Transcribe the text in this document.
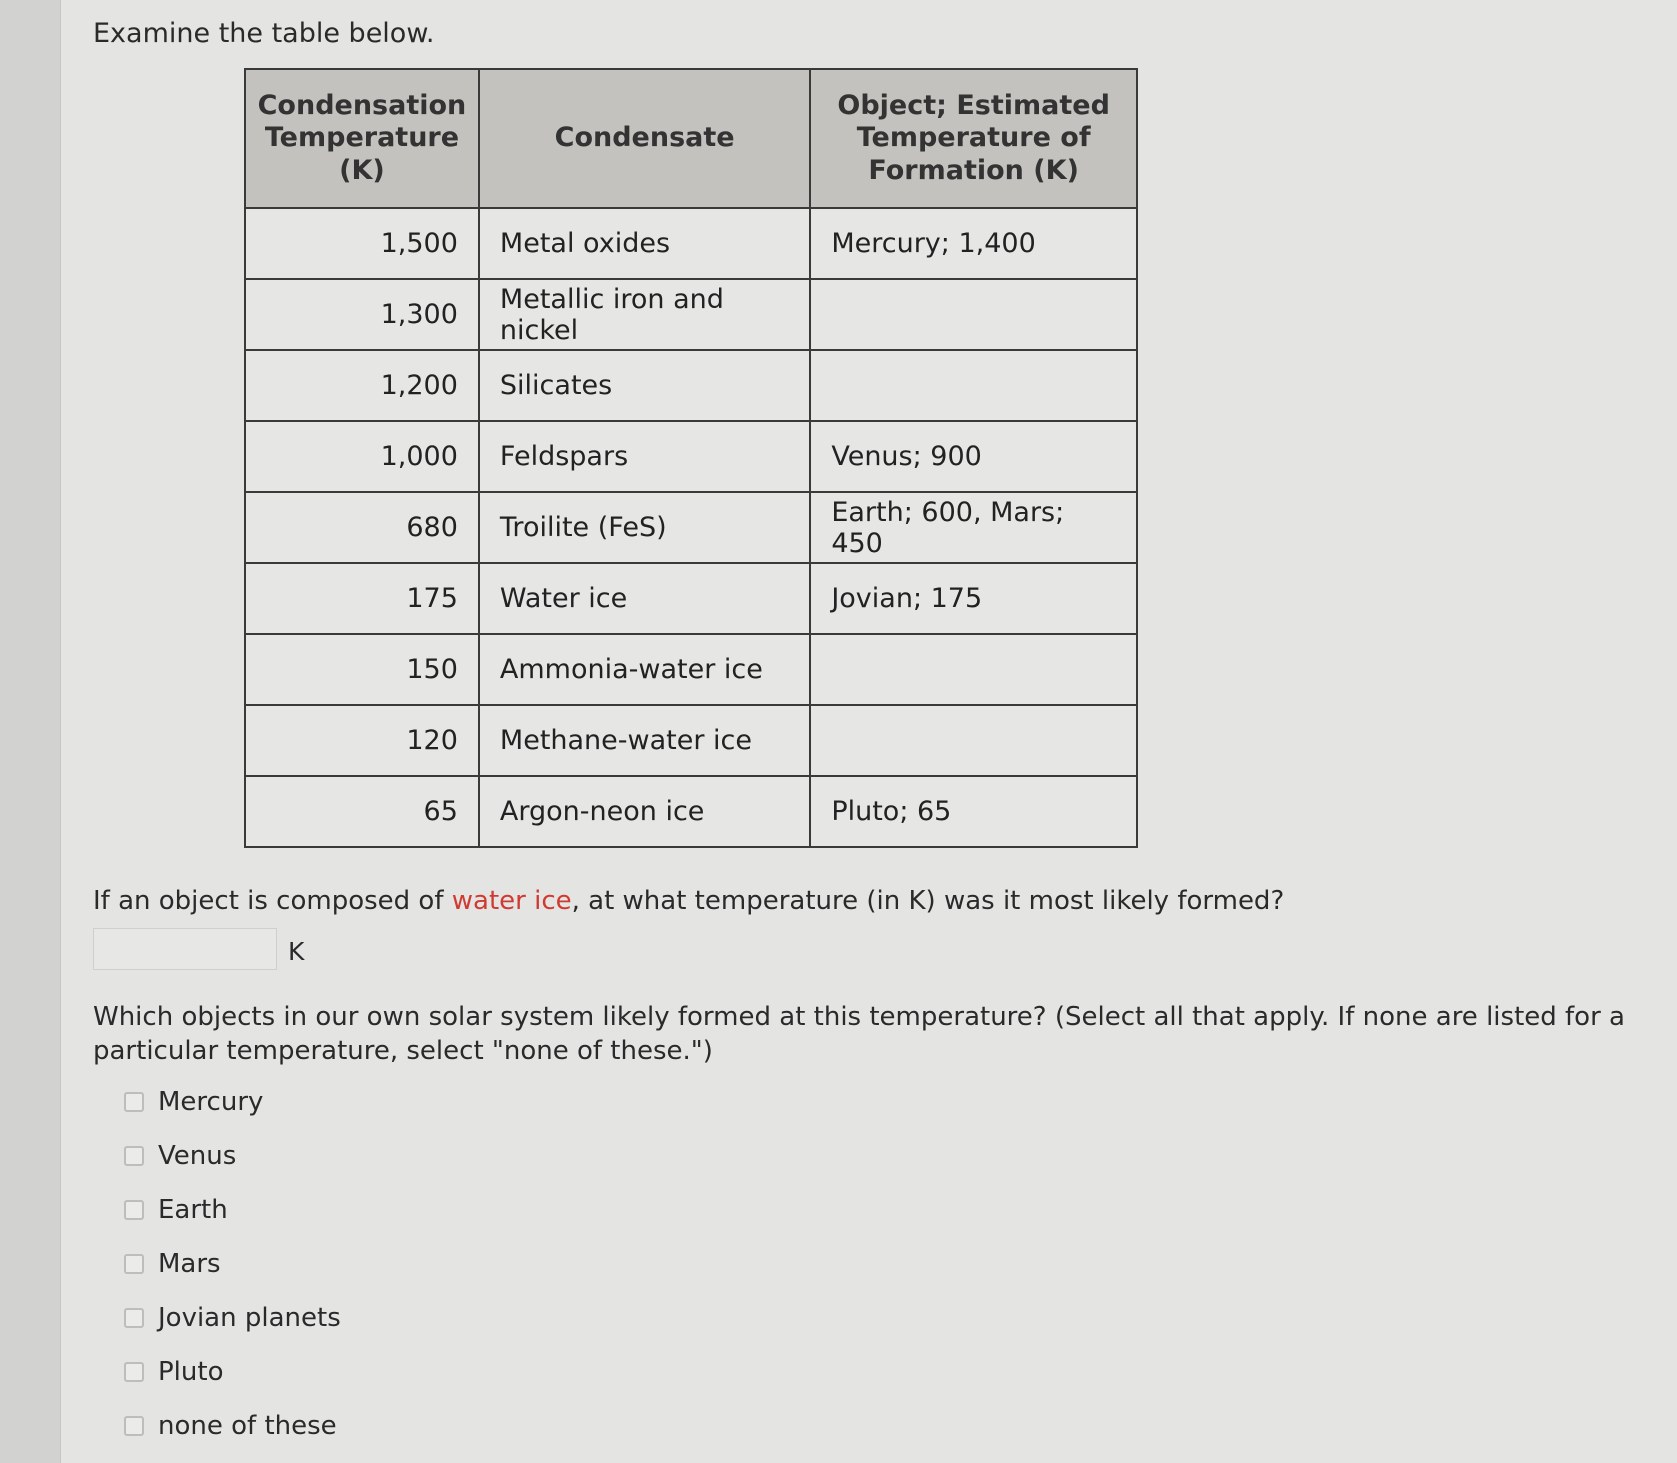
Examine the table below.
Condensation Temperature (K)	Condensate	Object; Estimated Temperature of Formation (K)
1,500	Metal oxides	Mercury; 1,400
1,300	Metallic iron and nickel	
1,200	Silicates	
1,000	Feldspars	Venus; 900
680	Troilite (FeS)	Earth; 600, Mars; 450
175	Water ice	Jovian; 175
150	Ammonia-water ice	
120	Methane-water ice	
65	Argon-neon ice	Pluto; 65
If an object is composed of water ice, at what temperature (in K) was it most likely formed?
K
Which objects in our own solar system likely formed at this temperature? (Select all that apply. If none are listed for a particular temperature, select "none of these.")
Mercury
Venus
Earth
Mars
Jovian planets
Pluto
none of these
